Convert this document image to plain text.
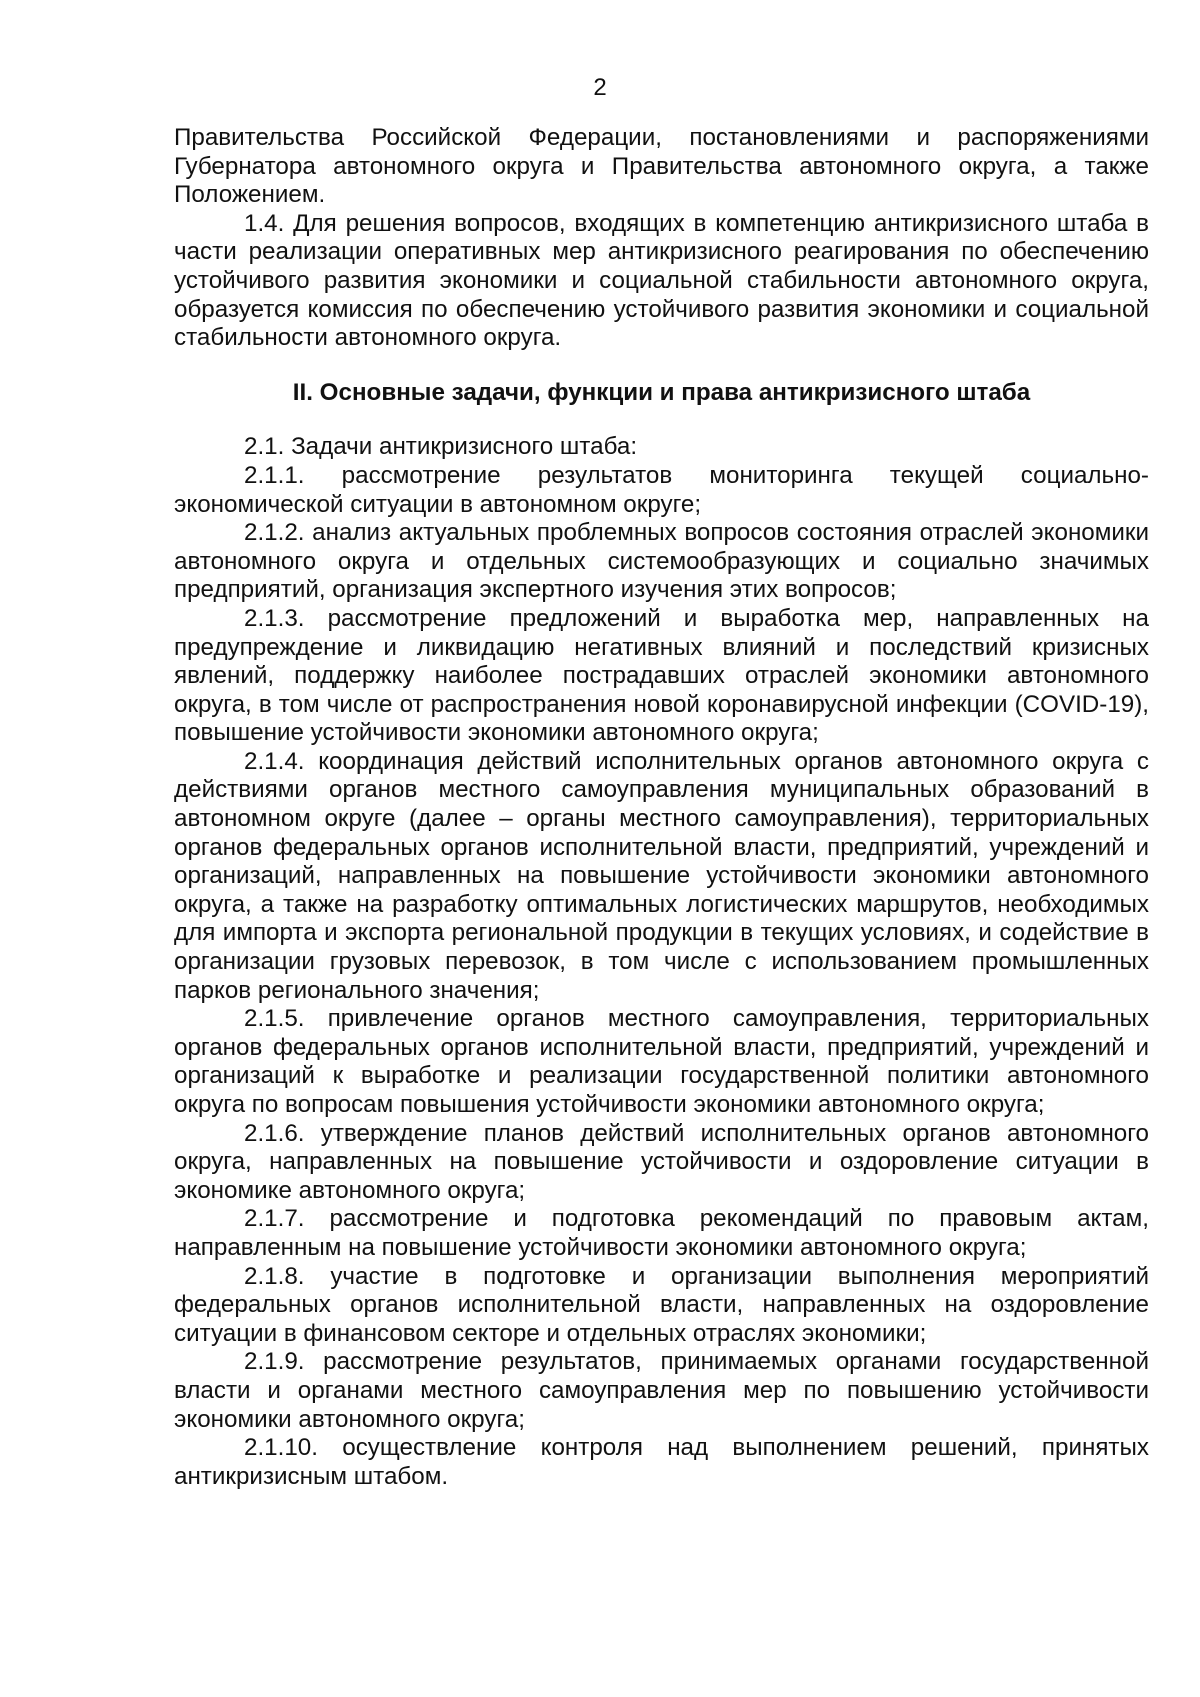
2

Правительства Российской Федерации, постановлениями и распоряжениями Губернатора автономного округа и Правительства автономного округа, а также Положением.

1.4. Для решения вопросов, входящих в компетенцию антикризисного штаба в части реализации оперативных мер антикризисного реагирования по обеспечению устойчивого развития экономики и социальной стабильности автономного округа, образуется комиссия по обеспечению устойчивого развития экономики и социальной стабильности автономного округа.

II. Основные задачи, функции и права антикризисного штаба

2.1. Задачи антикризисного штаба:

2.1.1. рассмотрение результатов мониторинга текущей социально-экономической ситуации в автономном округе;

2.1.2. анализ актуальных проблемных вопросов состояния отраслей экономики автономного округа и отдельных системообразующих и социально значимых предприятий, организация экспертного изучения этих вопросов;

2.1.3. рассмотрение предложений и выработка мер, направленных на предупреждение и ликвидацию негативных влияний и последствий кризисных явлений, поддержку наиболее пострадавших отраслей экономики автономного округа, в том числе от распространения новой коронавирусной инфекции (COVID-19), повышение устойчивости экономики автономного округа;

2.1.4. координация действий исполнительных органов автономного округа с действиями органов местного самоуправления муниципальных образований в автономном округе (далее – органы местного самоуправления), территориальных органов федеральных органов исполнительной власти, предприятий, учреждений и организаций, направленных на повышение устойчивости экономики автономного округа, а также на разработку оптимальных логистических маршрутов, необходимых для импорта и экспорта региональной продукции в текущих условиях, и содействие в организации грузовых перевозок, в том числе с использованием промышленных парков регионального значения;

2.1.5. привлечение органов местного самоуправления, территориальных органов федеральных органов исполнительной власти, предприятий, учреждений и организаций к выработке и реализации государственной политики автономного округа по вопросам повышения устойчивости экономики автономного округа;

2.1.6. утверждение планов действий исполнительных органов автономного округа, направленных на повышение устойчивости и оздоровление ситуации в экономике автономного округа;

2.1.7. рассмотрение и подготовка рекомендаций по правовым актам, направленным на повышение устойчивости экономики автономного округа;

2.1.8. участие в подготовке и организации выполнения мероприятий федеральных органов исполнительной власти, направленных на оздоровление ситуации в финансовом секторе и отдельных отраслях экономики;

2.1.9. рассмотрение результатов, принимаемых органами государственной власти и органами местного самоуправления мер по повышению устойчивости экономики автономного округа;

2.1.10. осуществление контроля над выполнением решений, принятых антикризисным штабом.
